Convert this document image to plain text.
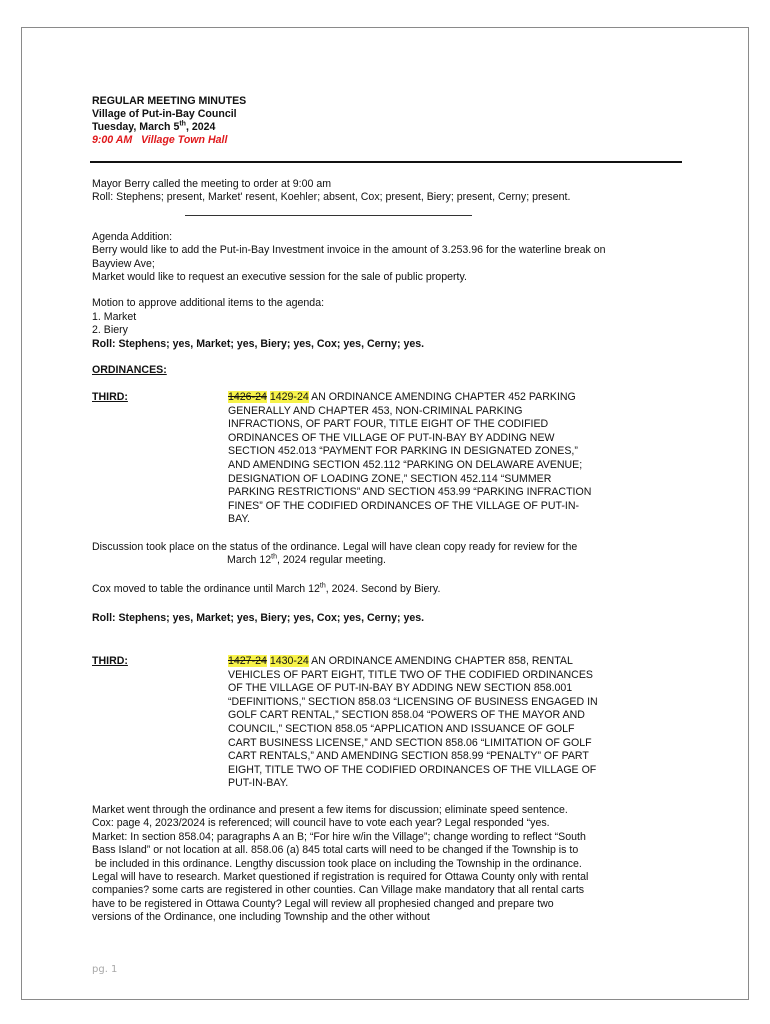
REGULAR MEETING MINUTES
Village of Put-in-Bay Council
Tuesday, March 5th, 2024
9:00 AM   Village Town Hall
Mayor Berry called the meeting to order at 9:00 am
Roll: Stephens; present, Market' resent, Koehler; absent, Cox; present, Biery; present, Cerny; present.
Agenda Addition:
Berry would like to add the Put-in-Bay Investment invoice in the amount of 3.253.96 for the waterline break on
Bayview Ave;
Market would like to request an executive session for the sale of public property.
Motion to approve additional items to the agenda:
1. Market
2. Biery
Roll: Stephens; yes, Market; yes, Biery; yes, Cox; yes, Cerny; yes.
ORDINANCES:
THIRD:	1426-24 1429-24 AN ORDINANCE AMENDING CHAPTER 452 PARKING
GENERALLY AND CHAPTER 453, NON-CRIMINAL PARKING
INFRACTIONS, OF PART FOUR, TITLE EIGHT OF THE CODIFIED
ORDINANCES OF THE VILLAGE OF PUT-IN-BAY BY ADDING NEW
SECTION 452.013 “PAYMENT FOR PARKING IN DESIGNATED ZONES,”
AND AMENDING SECTION 452.112 “PARKING ON DELAWARE AVENUE;
DESIGNATION OF LOADING ZONE,” SECTION 452.114 “SUMMER
PARKING RESTRICTIONS” AND SECTION 453.99 “PARKING INFRACTION
FINES” OF THE CODIFIED ORDINANCES OF THE VILLAGE OF PUT-IN-
BAY.
Discussion took place on the status of the ordinance. Legal will have clean copy ready for review for the
March 12th, 2024 regular meeting.
Cox moved to table the ordinance until March 12th, 2024. Second by Biery.
Roll: Stephens; yes, Market; yes, Biery; yes, Cox; yes, Cerny; yes.
THIRD:	1427-24 1430-24 AN ORDINANCE AMENDING CHAPTER 858, RENTAL
VEHICLES OF PART EIGHT, TITLE TWO OF THE CODIFIED ORDINANCES
OF THE VILLAGE OF PUT-IN-BAY BY ADDING NEW SECTION 858.001
“DEFINITIONS,” SECTION 858.03 “LICENSING OF BUSINESS ENGAGED IN
GOLF CART RENTAL,” SECTION 858.04 “POWERS OF THE MAYOR AND
COUNCIL,” SECTION 858.05 “APPLICATION AND ISSUANCE OF GOLF
CART BUSINESS LICENSE,” AND SECTION 858.06 “LIMITATION OF GOLF
CART RENTALS,” AND AMENDING SECTION 858.99 “PENALTY” OF PART
EIGHT, TITLE TWO OF THE CODIFIED ORDINANCES OF THE VILLAGE OF
PUT-IN-BAY.
Market went through the ordinance and present a few items for discussion; eliminate speed sentence.
Cox: page 4, 2023/2024 is referenced; will council have to vote each year? Legal responded “yes.
Market: In section 858.04; paragraphs A an B; “For hire w/in the Village”; change wording to reflect “South
Bass Island” or not location at all. 858.06 (a) 845 total carts will need to be changed if the Township is to
be included in this ordinance. Lengthy discussion took place on including the Township in the ordinance.
Legal will have to research. Market questioned if registration is required for Ottawa County only with rental
companies? some carts are registered in other counties. Can Village make mandatory that all rental carts
have to be registered in Ottawa County? Legal will review all prophesied changed and prepare two
versions of the Ordinance, one including Township and the other without
pg. 1
